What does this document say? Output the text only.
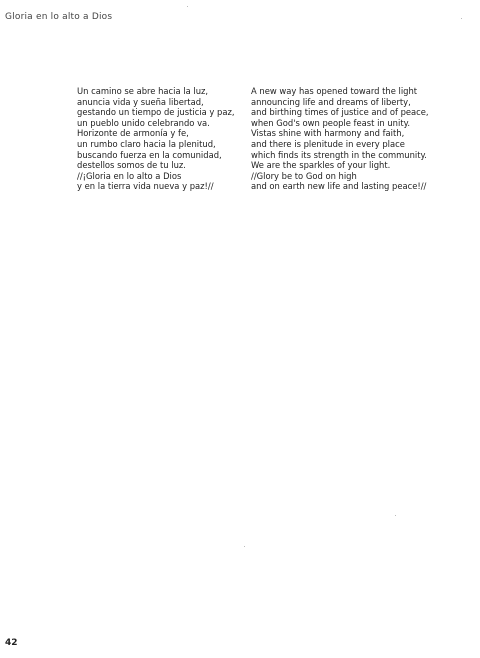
Gloria en lo alto a Dios
Un camino se abre hacia la luz,
anuncia vida y sueña libertad,
gestando un tiempo de justicia y paz,
un pueblo unido celebrando va.
Horizonte de armonía y fe,
un rumbo claro hacia la plenitud,
buscando fuerza en la comunidad,
destellos somos de tu luz.
//¡Gloria en lo alto a Dios
y en la tierra vida nueva y paz!//
A new way has opened toward the light
announcing life and dreams of liberty,
and birthing times of justice and of peace,
when God's own people feast in unity.
Vistas shine with harmony and faith,
and there is plenitude in every place
which finds its strength in the community.
We are the sparkles of your light.
//Glory be to God on high
and on earth new life and lasting peace!//
42
